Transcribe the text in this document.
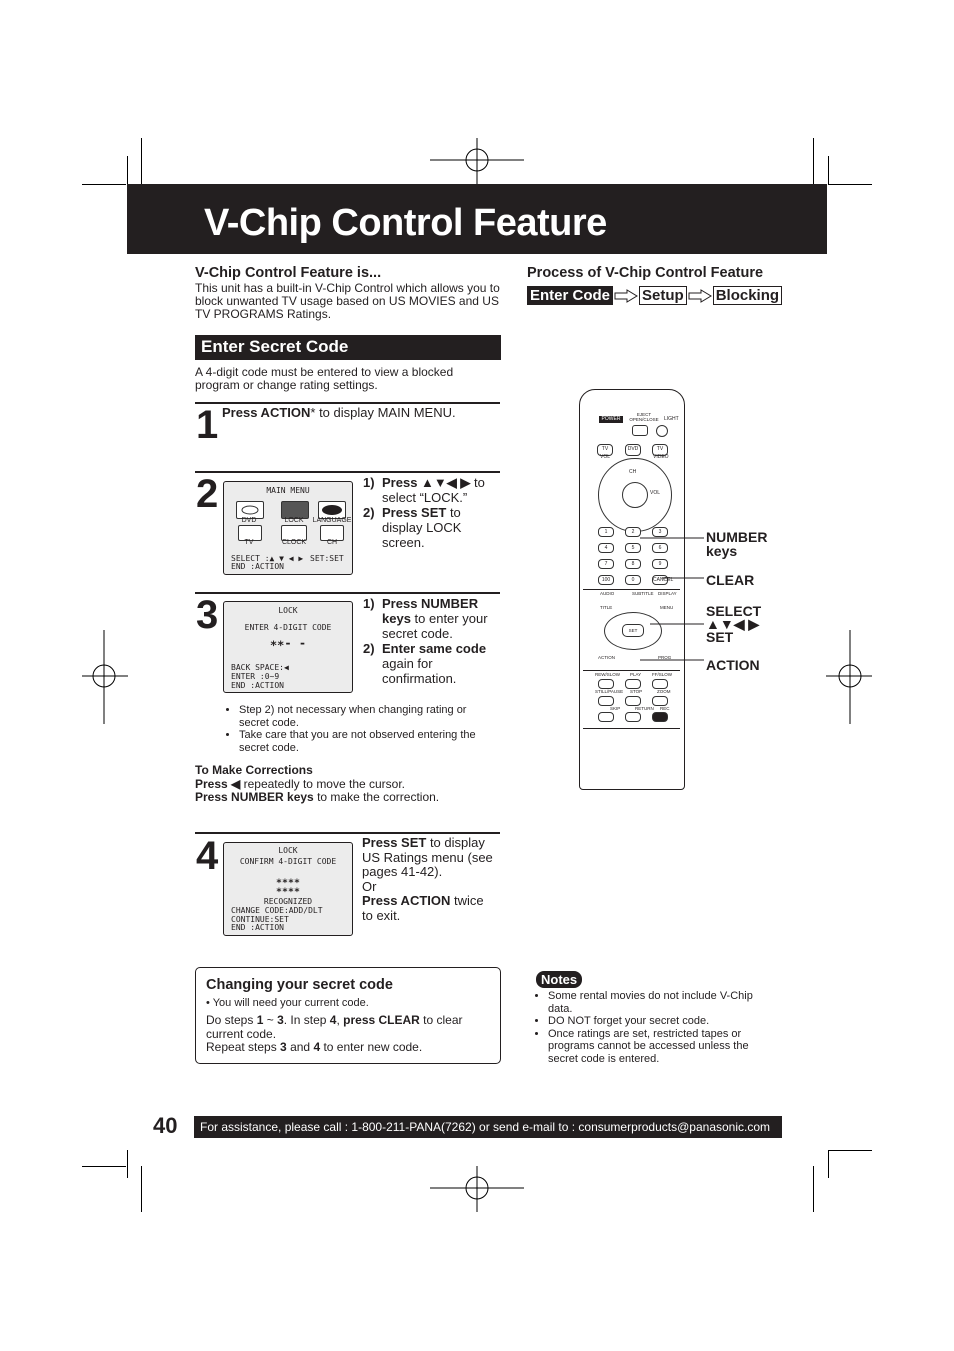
V-Chip Control Feature
V-Chip Control Feature is...
This unit has a built-in V-Chip Control which allows you to block unwanted TV usage based on US MOVIES and US TV PROGRAMS Ratings.
Process of V-Chip Control Feature
Enter Code Setup Blocking
Enter Secret Code
A 4-digit code must be entered to view a blocked program or change rating settings.
1 Press ACTION* to display MAIN MENU.
2	MAIN MENU
DVD	LOCK	LANGUAGE
TV	CLOCK	CH
SELECT :▲ ▼ ◀ ▶ SET:SET
END :ACTION
1) Press ▲▼◀ ▶ to select “LOCK.”
2) Press SET to display LOCK screen.
3	LOCK
ENTER 4-DIGIT CODE
∗∗- -
BACK SPACE:◀
ENTER :0~9
END :ACTION
1) Press NUMBER keys to enter your secret code.
2) Enter same code again for confirmation.
• Step 2) not necessary when changing rating or secret code.
• Take care that you are not observed entering the secret code.
To Make Corrections
Press ◀ repeatedly to move the cursor.
Press NUMBER keys to make the correction.
4	LOCK
CONFIRM 4-DIGIT CODE
∗∗∗∗
∗∗∗∗
RECOGNIZED
CHANGE CODE:ADD/DLT
CONTINUE:SET
END :ACTION
Press SET to display US Ratings menu (see pages 41-42).
Or
Press ACTION twice to exit.
Changing your secret code
• You will need your current code.
Do steps 1 ~ 3. In step 4, press CLEAR to clear current code.
Repeat steps 3 and 4 to enter new code.
Notes
• Some rental movies do not include V-Chip data.
• DO NOT forget your secret code.
• Once ratings are set, restricted tapes or programs cannot be accessed unless the secret code is entered.
POWER
EJECT OPEN/CLOSE	LIGHT
TV VOL
DVD	TV VIDEO
CH
VOL
1	2	3
4	5	6
7	8	9
100	0	CANCEL
AUDIO	SUBTITLE DISPLAY
TITLE	MENU
SET
ACTION	PROG
REW/SLOW PLAY FF/SLOW
STILL/PAUSE STOP	ZOOM
SKIP	RETURN REC
NUMBER keys
CLEAR
SELECT
▲▼◀ ▶
SET
ACTION
40	For assistance, please call : 1-800-211-PANA(7262) or send e-mail to : consumerproducts@panasonic.com
